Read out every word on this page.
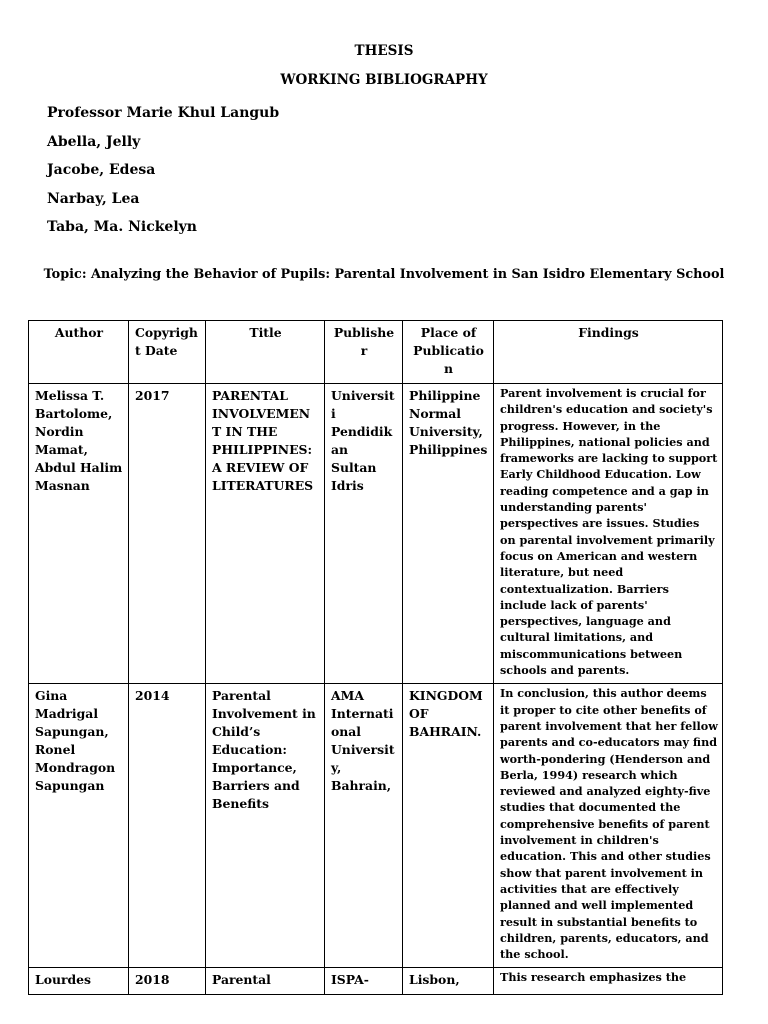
THESIS
WORKING BIBLIOGRAPHY
Professor Marie Khul Langub
Abella, Jelly
Jacobe, Edesa
Narbay, Lea
Taba, Ma. Nickelyn
Topic: Analyzing the Behavior of Pupils: Parental Involvement in San Isidro Elementary School
Author	Copyright Date	Title	Publisher	Place of Publication	Findings
Melissa T. Bartolome, Nordin Mamat, Abdul Halim Masnan	2017	PARENTAL INVOLVEMENT IN THE PHILIPPINES: A REVIEW OF LITERATURES	Universiti Pendidikan Sultan Idris	Philippine Normal University, Philippines	Parent involvement is crucial for children's education and society's progress. However, in the Philippines, national policies and frameworks are lacking to support Early Childhood Education. Low reading competence and a gap in understanding parents' perspectives are issues. Studies on parental involvement primarily focus on American and western literature, but need contextualization. Barriers include lack of parents' perspectives, language and cultural limitations, and miscommunications between schools and parents.
Gina Madrigal Sapungan, Ronel Mondragon Sapungan	2014	Parental Involvement in Child’s Education: Importance, Barriers and Benefits	AMA International University, Bahrain,	KINGDOM OF BAHRAIN.	In conclusion, this author deems it proper to cite other benefits of parent involvement that her fellow parents and co-educators may find worth-pondering (Henderson and Berla, 1994) research which reviewed and analyzed eighty-five studies that documented the comprehensive benefits of parent involvement in children's education. This and other studies show that parent involvement in activities that are effectively planned and well implemented result in substantial benefits to children, parents, educators, and the school.
Lourdes	2018	Parental	ISPA-	Lisbon,	This research emphasizes the
